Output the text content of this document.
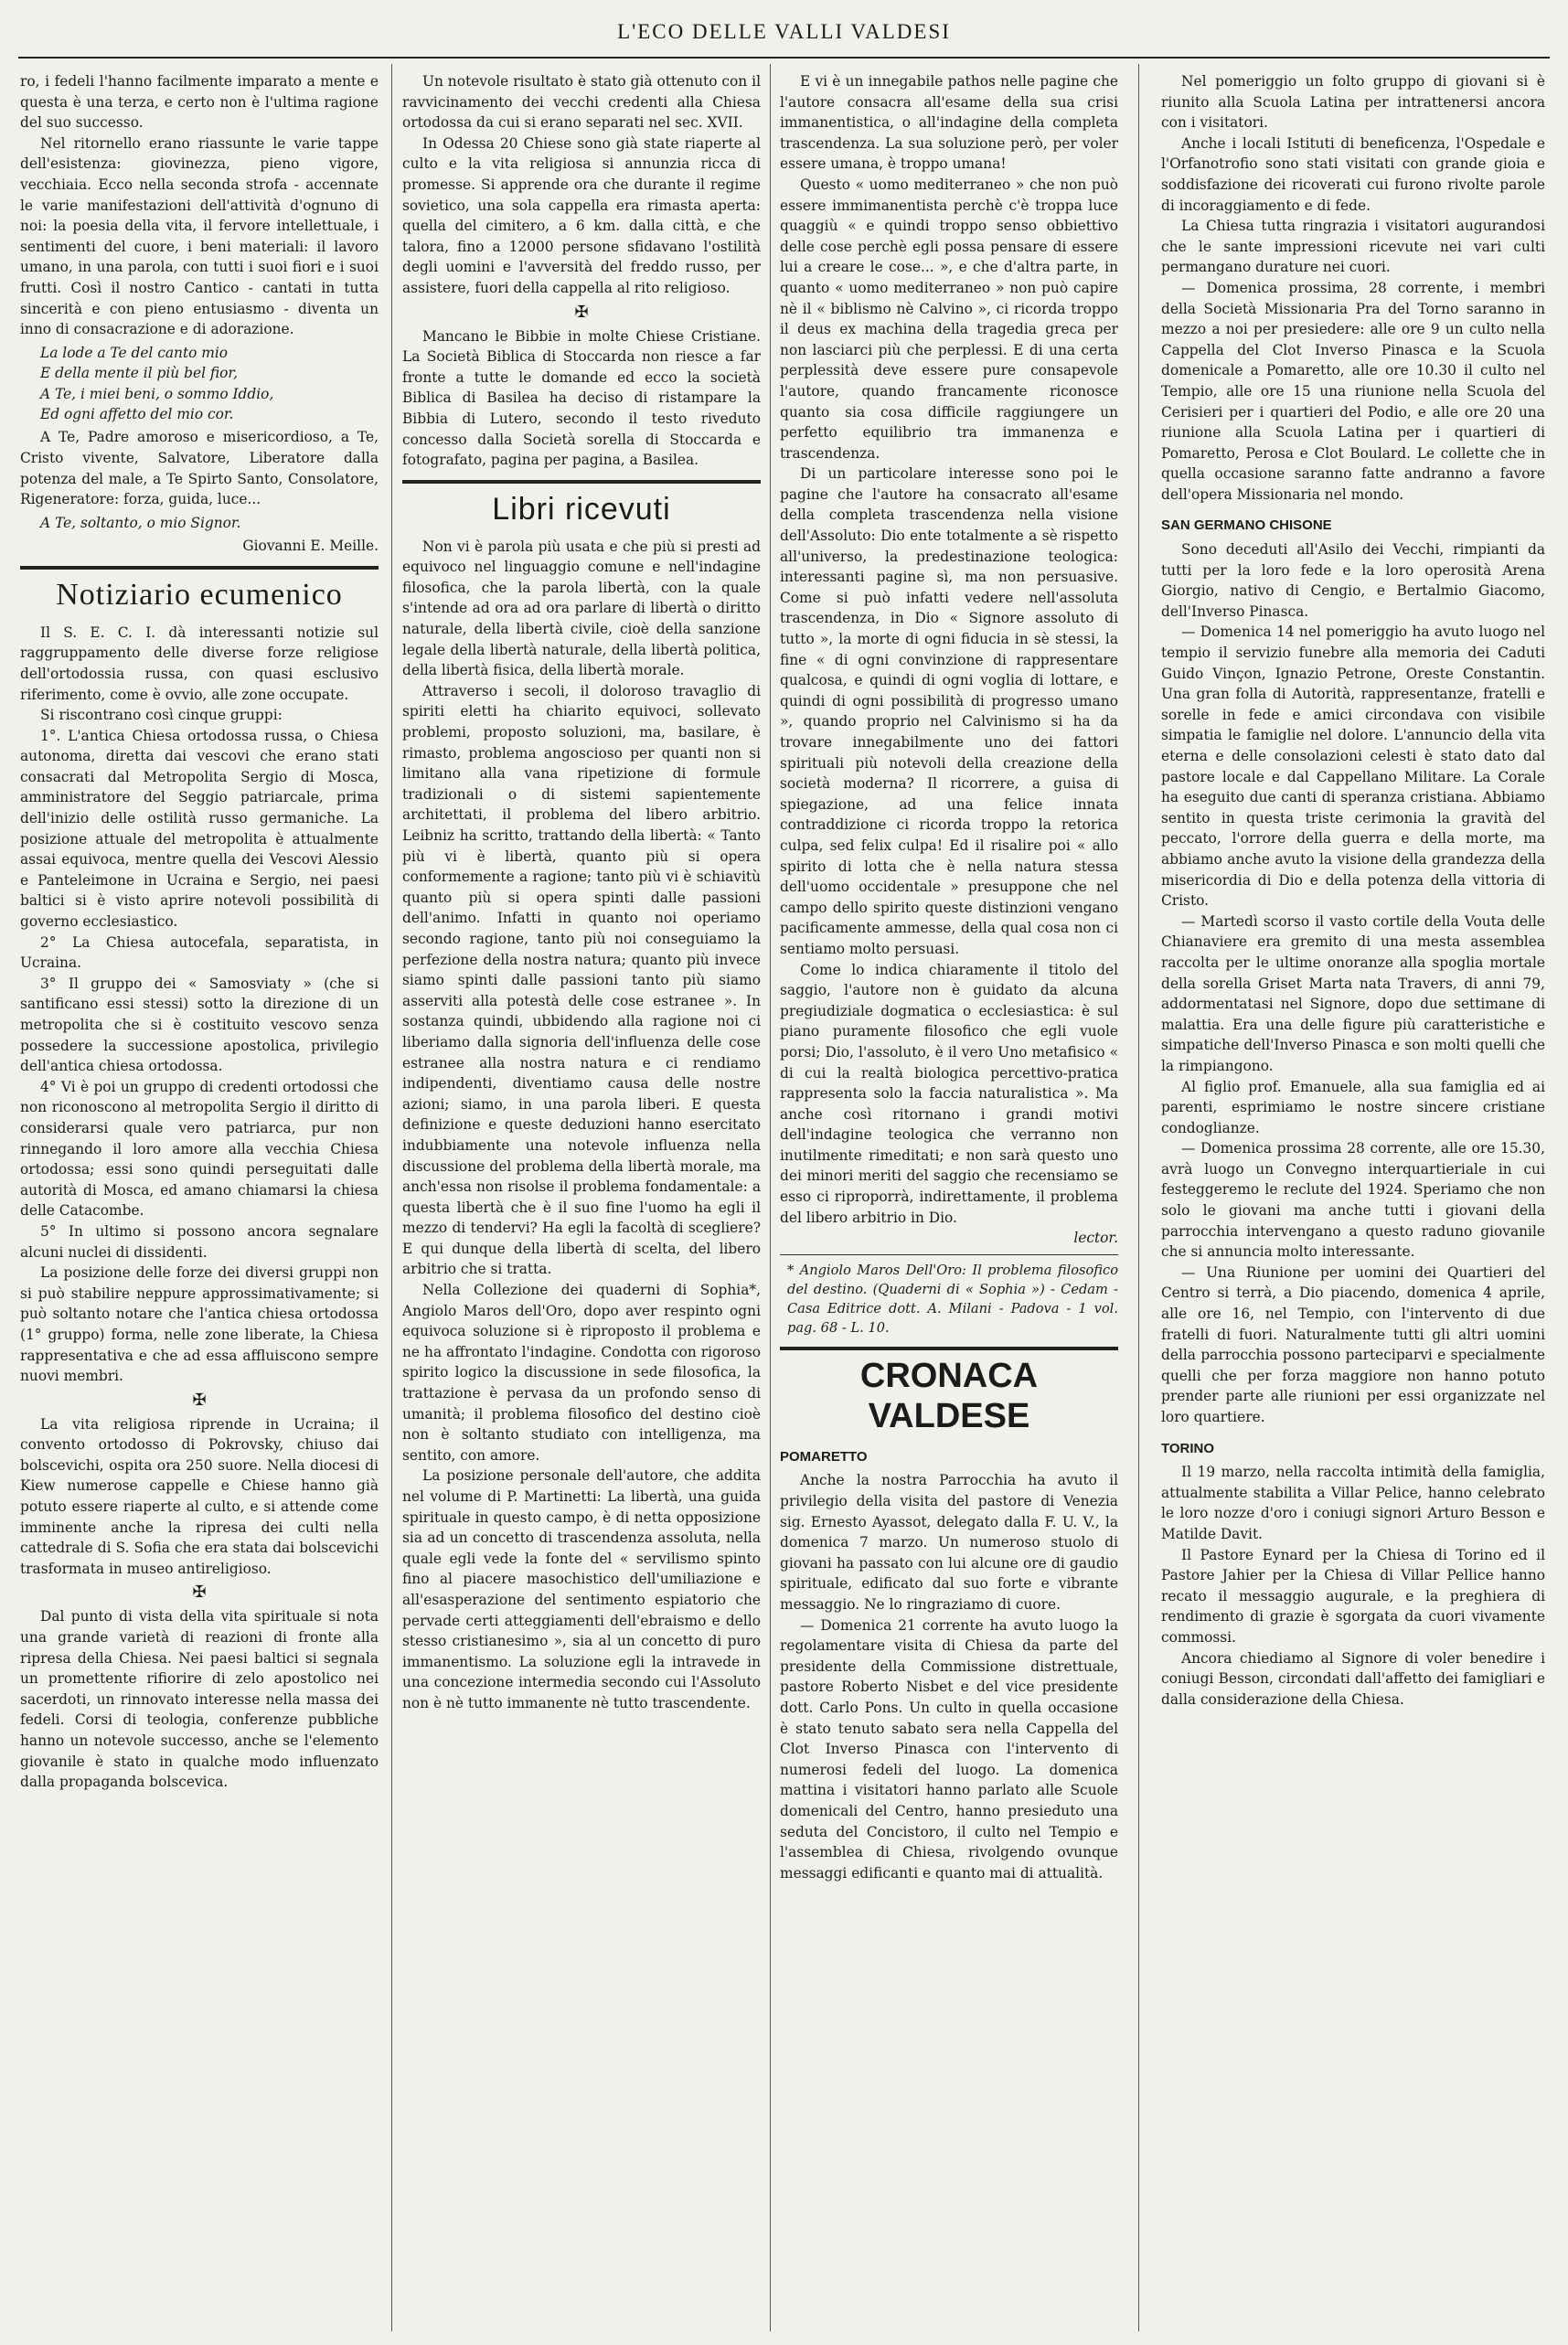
L'ECO DELLE VALLI VALDESI

ro, i fedeli l'hanno facilmente imparato a mente e questa è una terza, e certo non è l'ultima ragione del suo successo.

Nel ritornello erano riassunte le varie tappe dell'esistenza: giovinezza, pieno vigore, vecchiaia. Ecco nella seconda strofa - accennate le varie manifestazioni dell'attività d'ognuno di noi: la poesia della vita, il fervore intellettuale, i sentimenti del cuore, i beni materiali: il lavoro umano, in una parola, con tutti i suoi fiori e i suoi frutti. Così il nostro Cantico - cantati in tutta sincerità e con pieno entusiasmo - diventa un inno di consacrazione e di adorazione.

La lode a Te del canto mio
E della mente il più bel fior,
A Te, i miei beni, o sommo Iddio,
Ed ogni affetto del mio cor.

A Te, Padre amoroso e misericordioso, a Te, Cristo vivente, Salvatore, Liberatore dalla potenza del male, a Te Spirto Santo, Consolatore, Rigeneratore: forza, guida, luce...

A Te, soltanto, o mio Signor.

Giovanni E. Meille.

Notiziario ecumenico

Il S. E. C. I. dà interessanti notizie sul raggruppamento delle diverse forze religiose dell'ortodossia russa, con quasi esclusivo riferimento, come è ovvio, alle zone occupate.

Si riscontrano così cinque gruppi:

1°. L'antica Chiesa ortodossa russa, o Chiesa autonoma, diretta dai vescovi che erano stati consacrati dal Metropolita Sergio di Mosca, amministratore del Seggio patriarcale, prima dell'inizio delle ostilità russo germaniche. La posizione attuale del metropolita è attualmente assai equivoca, mentre quella dei Vescovi Alessio e Panteleimone in Ucraina e Sergio, nei paesi baltici si è visto aprire notevoli possibilità di governo ecclesiastico.

2° La Chiesa autocefala, separatista, in Ucraina.

3° Il gruppo dei « Samosviaty » (che si santificano essi stessi) sotto la direzione di un metropolita che si è costituito vescovo senza possedere la successione apostolica, privilegio dell'antica chiesa ortodossa.

4° Vi è poi un gruppo di credenti ortodossi che non riconoscono al metropolita Sergio il diritto di considerarsi quale vero patriarca, pur non rinnegando il loro amore alla vecchia Chiesa ortodossa; essi sono quindi perseguitati dalle autorità di Mosca, ed amano chiamarsi la chiesa delle Catacombe.

5° In ultimo si possono ancora segnalare alcuni nuclei di dissidenti.

La posizione delle forze dei diversi gruppi non si può stabilire neppure approssimativamente; si può soltanto notare che l'antica chiesa ortodossa (1° gruppo) forma, nelle zone liberate, la Chiesa rappresentativa e che ad essa affluiscono sempre nuovi membri.

✠

La vita religiosa riprende in Ucraina; il convento ortodosso di Pokrovsky, chiuso dai bolscevichi, ospita ora 250 suore. Nella diocesi di Kiew numerose cappelle e Chiese hanno già potuto essere riaperte al culto, e si attende come imminente anche la ripresa dei culti nella cattedrale di S. Sofia che era stata dai bolscevichi trasformata in museo antireligioso.

✠

Dal punto di vista della vita spirituale si nota una grande varietà di reazioni di fronte alla ripresa della Chiesa. Nei paesi baltici si segnala un promettente rifiorire di zelo apostolico nei sacerdoti, un rinnovato interesse nella massa dei fedeli. Corsi di teologia, conferenze pubbliche hanno un notevole successo, anche se l'elemento giovanile è stato in qualche modo influenzato dalla propaganda bolscevica.

Un notevole risultato è stato già ottenuto con il ravvicinamento dei vecchi credenti alla Chiesa ortodossa da cui si erano separati nel sec. XVII.

In Odessa 20 Chiese sono già state riaperte al culto e la vita religiosa si annunzia ricca di promesse. Si apprende ora che durante il regime sovietico, una sola cappella era rimasta aperta: quella del cimitero, a 6 km. dalla città, e che talora, fino a 12000 persone sfidavano l'ostilità degli uomini e l'avversità del freddo russo, per assistere, fuori della cappella al rito religioso.

✠

Mancano le Bibbie in molte Chiese Cristiane. La Società Biblica di Stoccarda non riesce a far fronte a tutte le domande ed ecco la società Biblica di Basilea ha deciso di ristampare la Bibbia di Lutero, secondo il testo riveduto concesso dalla Società sorella di Stoccarda e fotografato, pagina per pagina, a Basilea.

Libri ricevuti

Non vi è parola più usata e che più si presti ad equivoco nel linguaggio comune e nell'indagine filosofica, che la parola libertà, con la quale s'intende ad ora ad ora parlare di libertà o diritto naturale, della libertà civile, cioè della sanzione legale della libertà naturale, della libertà politica, della libertà fisica, della libertà morale.

Attraverso i secoli, il doloroso travaglio di spiriti eletti ha chiarito equivoci, sollevato problemi, proposto soluzioni, ma, basilare, è rimasto, problema angoscioso per quanti non si limitano alla vana ripetizione di formule tradizionali o di sistemi sapientemente architettati, il problema del libero arbitrio. Leibniz ha scritto, trattando della libertà: « Tanto più vi è libertà, quanto più si opera conformemente a ragione; tanto più vi è schiavitù quanto più si opera spinti dalle passioni dell'animo. Infatti in quanto noi operiamo secondo ragione, tanto più noi conseguiamo la perfezione della nostra natura; quanto più invece siamo spinti dalle passioni tanto più siamo asserviti alla potestà delle cose estranee ». In sostanza quindi, ubbidendo alla ragione noi ci liberiamo dalla signoria dell'influenza delle cose estranee alla nostra natura e ci rendiamo indipendenti, diventiamo causa delle nostre azioni; siamo, in una parola liberi. E questa definizione e queste deduzioni hanno esercitato indubbiamente una notevole influenza nella discussione del problema della libertà morale, ma anch'essa non risolse il problema fondamentale: a questa libertà che è il suo fine l'uomo ha egli il mezzo di tendervi? Ha egli la facoltà di scegliere? E qui dunque della libertà di scelta, del libero arbitrio che si tratta.

Nella Collezione dei quaderni di Sophia*, Angiolo Maros dell'Oro, dopo aver respinto ogni equivoca soluzione si è riproposto il problema e ne ha affrontato l'indagine. Condotta con rigoroso spirito logico la discussione in sede filosofica, la trattazione è pervasa da un profondo senso di umanità; il problema filosofico del destino cioè non è soltanto studiato con intelligenza, ma sentito, con amore.

La posizione personale dell'autore, che addita nel volume di P. Martinetti: La libertà, una guida spirituale in questo campo, è di netta opposizione sia ad un concetto di trascendenza assoluta, nella quale egli vede la fonte del « servilismo spinto fino al piacere masochistico dell'umiliazione e all'esasperazione del sentimento espiatorio che pervade certi atteggiamenti dell'ebraismo e dello stesso cristianesimo », sia al un concetto di puro immanentismo. La soluzione egli la intravede in una concezione intermedia secondo cui l'Assoluto non è nè tutto immanente nè tutto trascendente.

E vi è un innegabile pathos nelle pagine che l'autore consacra all'esame della sua crisi immanentistica, o all'indagine della completa trascendenza. La sua soluzione però, per voler essere umana, è troppo umana!

Questo « uomo mediterraneo » che non può essere immimanentista perchè c'è troppa luce quaggiù « e quindi troppo senso obbiettivo delle cose perchè egli possa pensare di essere lui a creare le cose... », e che d'altra parte, in quanto « uomo mediterraneo » non può capire nè il « biblismo nè Calvino », ci ricorda troppo il deus ex machina della tragedia greca per non lasciarci più che perplessi. E di una certa perplessità deve essere pure consapevole l'autore, quando francamente riconosce quanto sia cosa difficile raggiungere un perfetto equilibrio tra immanenza e trascendenza.

Di un particolare interesse sono poi le pagine che l'autore ha consacrato all'esame della completa trascendenza nella visione dell'Assoluto: Dio ente totalmente a sè rispetto all'universo, la predestinazione teologica: interessanti pagine sì, ma non persuasive. Come si può infatti vedere nell'assoluta trascendenza, in Dio « Signore assoluto di tutto », la morte di ogni fiducia in sè stessi, la fine « di ogni convinzione di rappresentare qualcosa, e quindi di ogni voglia di lottare, e quindi di ogni possibilità di progresso umano », quando proprio nel Calvinismo si ha da trovare innegabilmente uno dei fattori spirituali più notevoli della creazione della società moderna? Il ricorrere, a guisa di spiegazione, ad una felice innata contraddizione ci ricorda troppo la retorica culpa, sed felix culpa! Ed il risalire poi « allo spirito di lotta che è nella natura stessa dell'uomo occidentale » presuppone che nel campo dello spirito queste distinzioni vengano pacificamente ammesse, della qual cosa non ci sentiamo molto persuasi.

Come lo indica chiaramente il titolo del saggio, l'autore non è guidato da alcuna pregiudiziale dogmatica o ecclesiastica: è sul piano puramente filosofico che egli vuole porsi; Dio, l'assoluto, è il vero Uno metafisico « di cui la realtà biologica percettivo-pratica rappresenta solo la faccia naturalistica ». Ma anche così ritornano i grandi motivi dell'indagine teologica che verranno non inutilmente rimeditati; e non sarà questo uno dei minori meriti del saggio che recensiamo se esso ci riproporrà, indirettamente, il problema del libero arbitrio in Dio.

lector.

* Angiolo Maros Dell'Oro: Il problema filosofico del destino. (Quaderni di « Sophia ») - Cedam - Casa Editrice dott. A. Milani - Padova - 1 vol. pag. 68 - L. 10.

CRONACA VALDESE
POMARETTO

Anche la nostra Parrocchia ha avuto il privilegio della visita del pastore di Venezia sig. Ernesto Ayassot, delegato dalla F. U. V., la domenica 7 marzo. Un numeroso stuolo di giovani ha passato con lui alcune ore di gaudio spirituale, edificato dal suo forte e vibrante messaggio. Ne lo ringraziamo di cuore.

— Domenica 21 corrente ha avuto luogo la regolamentare visita di Chiesa da parte del presidente della Commissione distrettuale, pastore Roberto Nisbet e del vice presidente dott. Carlo Pons. Un culto in quella occasione è stato tenuto sabato sera nella Cappella del Clot Inverso Pinasca con l'intervento di numerosi fedeli del luogo. La domenica mattina i visitatori hanno parlato alle Scuole domenicali del Centro, hanno presieduto una seduta del Concistoro, il culto nel Tempio e l'assemblea di Chiesa, rivolgendo ovunque messaggi edificanti e quanto mai di attualità.

Nel pomeriggio un folto gruppo di giovani si è riunito alla Scuola Latina per intrattenersi ancora con i visitatori.

Anche i locali Istituti di beneficenza, l'Ospedale e l'Orfanotrofio sono stati visitati con grande gioia e soddisfazione dei ricoverati cui furono rivolte parole di incoraggiamento e di fede.

La Chiesa tutta ringrazia i visitatori augurandosi che le sante impressioni ricevute nei vari culti permangano durature nei cuori.

— Domenica prossima, 28 corrente, i membri della Società Missionaria Pra del Torno saranno in mezzo a noi per presiedere: alle ore 9 un culto nella Cappella del Clot Inverso Pinasca e la Scuola domenicale a Pomaretto, alle ore 10.30 il culto nel Tempio, alle ore 15 una riunione nella Scuola del Cerisieri per i quartieri del Podio, e alle ore 20 una riunione alla Scuola Latina per i quartieri di Pomaretto, Perosa e Clot Boulard. Le collette che in quella occasione saranno fatte andranno a favore dell'opera Missionaria nel mondo.

SAN GERMANO CHISONE

Sono deceduti all'Asilo dei Vecchi, rimpianti da tutti per la loro fede e la loro operosità Arena Giorgio, nativo di Cengio, e Bertalmio Giacomo, dell'Inverso Pinasca.

— Domenica 14 nel pomeriggio ha avuto luogo nel tempio il servizio funebre alla memoria dei Caduti Guido Vinçon, Ignazio Petrone, Oreste Constantin. Una gran folla di Autorità, rappresentanze, fratelli e sorelle in fede e amici circondava con visibile simpatia le famiglie nel dolore. L'annuncio della vita eterna e delle consolazioni celesti è stato dato dal pastore locale e dal Cappellano Militare. La Corale ha eseguito due canti di speranza cristiana. Abbiamo sentito in questa triste cerimonia la gravità del peccato, l'orrore della guerra e della morte, ma abbiamo anche avuto la visione della grandezza della misericordia di Dio e della potenza della vittoria di Cristo.

— Martedì scorso il vasto cortile della Vouta delle Chianaviere era gremito di una mesta assemblea raccolta per le ultime onoranze alla spoglia mortale della sorella Griset Marta nata Travers, di anni 79, addormentatasi nel Signore, dopo due settimane di malattia. Era una delle figure più caratteristiche e simpatiche dell'Inverso Pinasca e son molti quelli che la rimpiangono.

Al figlio prof. Emanuele, alla sua famiglia ed ai parenti, esprimiamo le nostre sincere cristiane condoglianze.

— Domenica prossima 28 corrente, alle ore 15.30, avrà luogo un Convegno interquartieriale in cui festeggeremo le reclute del 1924. Speriamo che non solo le giovani ma anche tutti i giovani della parrocchia intervengano a questo raduno giovanile che si annuncia molto interessante.

— Una Riunione per uomini dei Quartieri del Centro si terrà, a Dio piacendo, domenica 4 aprile, alle ore 16, nel Tempio, con l'intervento di due fratelli di fuori. Naturalmente tutti gli altri uomini della parrocchia possono parteciparvi e specialmente quelli che per forza maggiore non hanno potuto prender parte alle riunioni per essi organizzate nel loro quartiere.

TORINO

Il 19 marzo, nella raccolta intimità della famiglia, attualmente stabilita a Villar Pelice, hanno celebrato le loro nozze d'oro i coniugi signori Arturo Besson e Matilde Davit.

Il Pastore Eynard per la Chiesa di Torino ed il Pastore Jahier per la Chiesa di Villar Pellice hanno recato il messaggio augurale, e la preghiera di rendimento di grazie è sgorgata da cuori vivamente commossi.

Ancora chiediamo al Signore di voler benedire i coniugi Besson, circondati dall'affetto dei famigliari e dalla considerazione della Chiesa.
